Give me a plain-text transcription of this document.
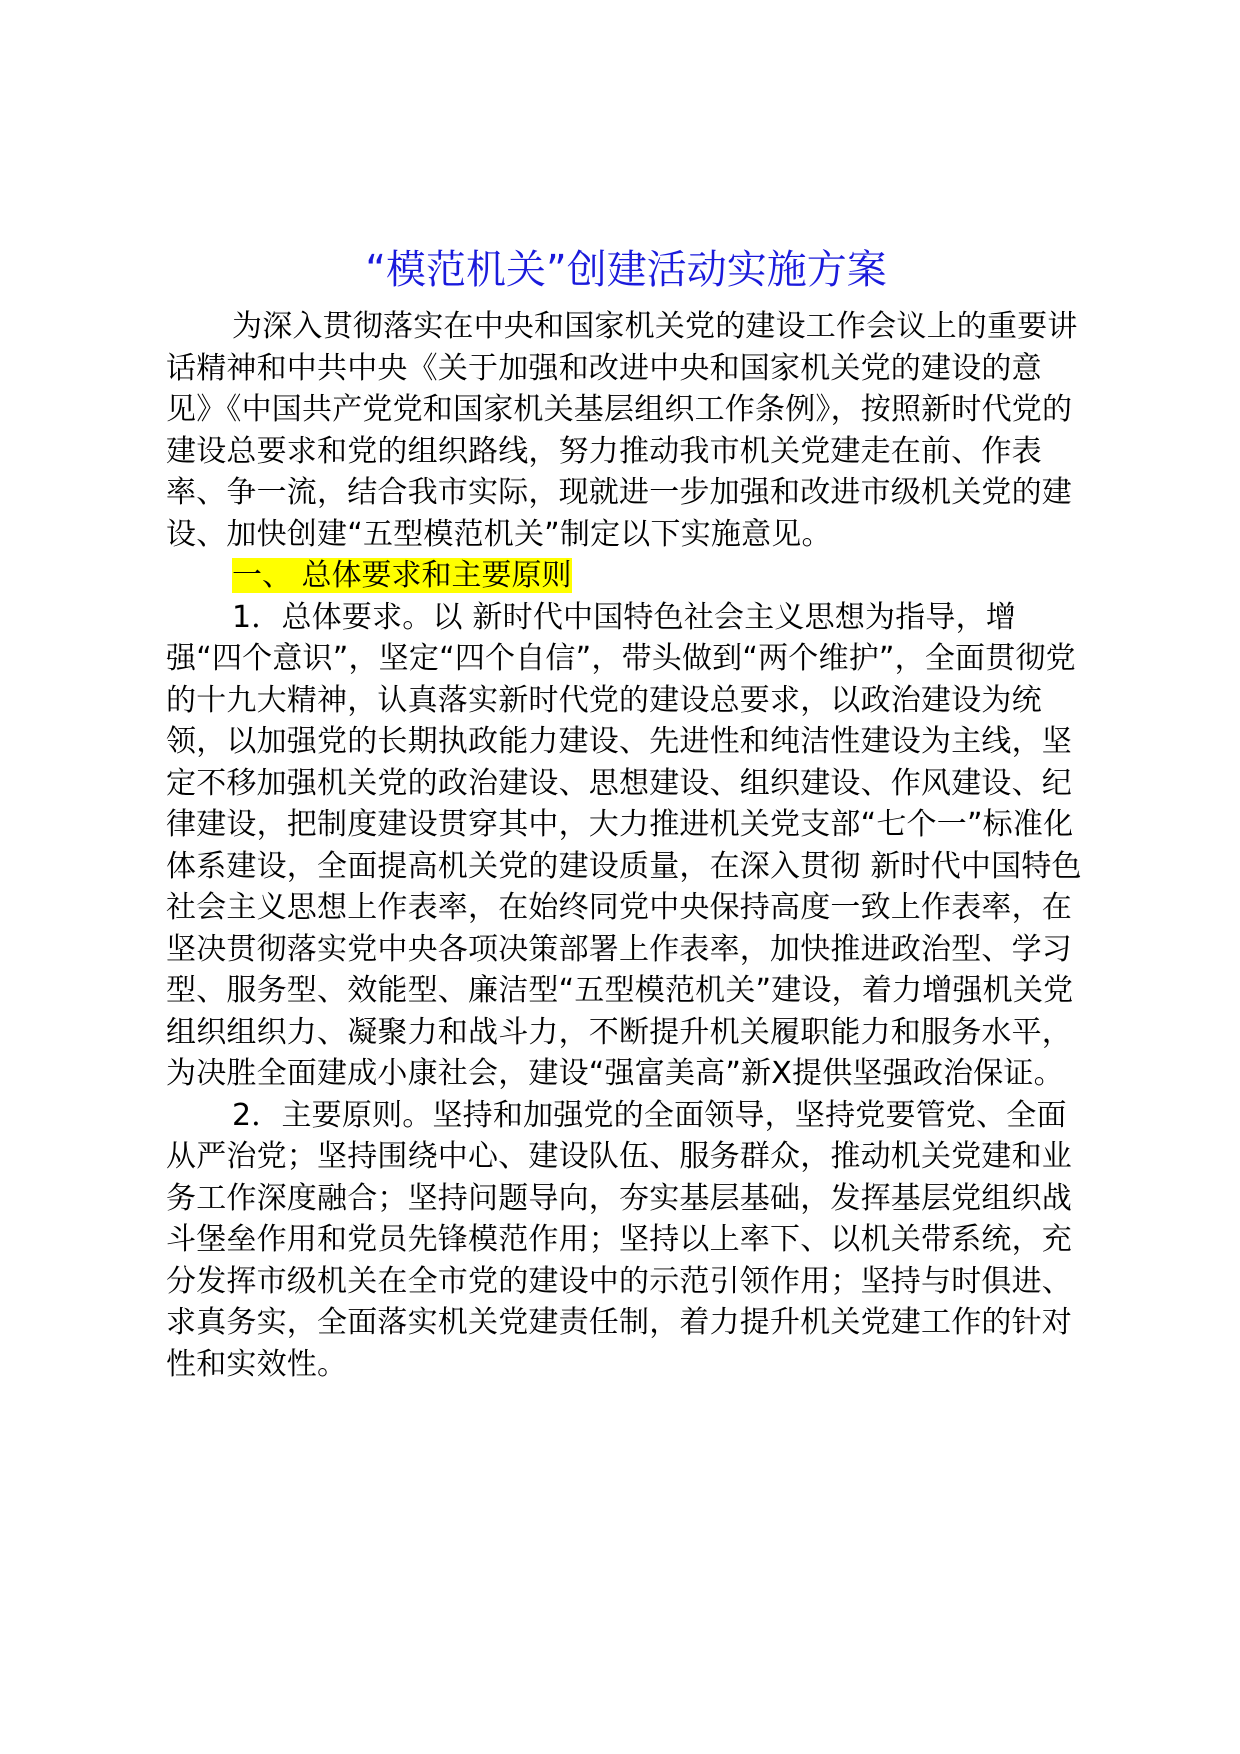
“模范机关”创建活动实施方案

为深入贯彻落实在中央和国家机关党的建设工作会议上的重要讲话精神和中共中央《关于加强和改进中央和国家机关党的建设的意见》《中国共产党党和国家机关基层组织工作条例》，按照新时代党的建设总要求和党的组织路线，努力推动我市机关党建走在前、作表率、争一流，结合我市实际，现就进一步加强和改进市级机关党的建设、加快创建“五型模范机关”制定以下实施意见。

一、 总体要求和主要原则

1．总体要求。以 新时代中国特色社会主义思想为指导，增强“四个意识”，坚定“四个自信”，带头做到“两个维护”，全面贯彻党的十九大精神，认真落实新时代党的建设总要求，以政治建设为统领，以加强党的长期执政能力建设、先进性和纯洁性建设为主线，坚定不移加强机关党的政治建设、思想建设、组织建设、作风建设、纪律建设，把制度建设贯穿其中，大力推进机关党支部“七个一”标准化体系建设，全面提高机关党的建设质量，在深入贯彻 新时代中国特色社会主义思想上作表率，在始终同党中央保持高度一致上作表率，在坚决贯彻落实党中央各项决策部署上作表率，加快推进政治型、学习型、服务型、效能型、廉洁型“五型模范机关”建设，着力增强机关党组织组织力、凝聚力和战斗力，不断提升机关履职能力和服务水平，为决胜全面建成小康社会，建设“强富美高”新X提供坚强政治保证。

2．主要原则。坚持和加强党的全面领导，坚持党要管党、全面从严治党；坚持围绕中心、建设队伍、服务群众，推动机关党建和业务工作深度融合；坚持问题导向，夯实基层基础，发挥基层党组织战斗堡垒作用和党员先锋模范作用；坚持以上率下、以机关带系统，充分发挥市级机关在全市党的建设中的示范引领作用；坚持与时俱进、求真务实，全面落实机关党建责任制，着力提升机关党建工作的针对性和实效性。
